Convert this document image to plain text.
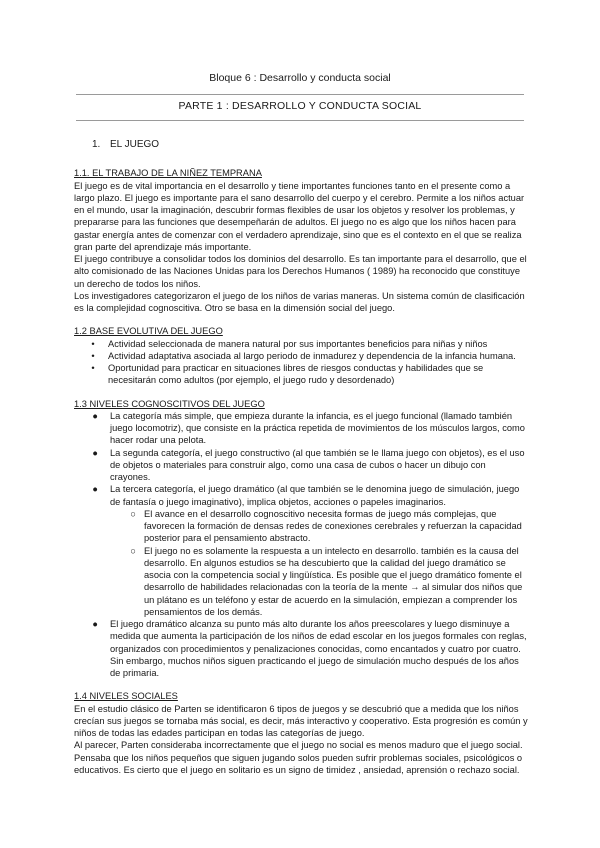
Bloque 6 : Desarrollo y conducta social
PARTE 1 : DESARROLLO Y CONDUCTA SOCIAL
1. EL JUEGO
1.1. EL TRABAJO DE LA NIÑEZ TEMPRANA

El juego es de vital importancia en el desarrollo y tiene importantes funciones tanto en el presente como a largo plazo. El juego es importante para el sano desarrollo del cuerpo y el cerebro. Permite a los niños actuar en el mundo, usar la imaginación, descubrir formas flexibles de usar los objetos y resolver los problemas, y prepararse para las funciones que desempeñarán de adultos. El juego no es algo que los niños hacen para gastar energía antes de comenzar con el verdadero aprendizaje, sino que es el contexto en el que se realiza gran parte del aprendizaje más importante.

El juego contribuye a consolidar todos los dominios del desarrollo. Es tan importante para el desarrollo, que el alto comisionado de las Naciones Unidas para los Derechos Humanos ( 1989) ha reconocido que constituye un derecho de todos los niños.

Los investigadores categorizaron el juego de los niños de varias maneras. Un sistema común de clasificación es la complejidad cognoscitiva. Otro se basa en la dimensión social del juego.

1.2 BASE EVOLUTIVA DEL JUEGO
•	Actividad seleccionada de manera natural por sus importantes beneficios para niñas y niños
•	Actividad adaptativa asociada al largo periodo de inmadurez y dependencia de la infancia humana.
•	Oportunidad para practicar en situaciones libres de riesgos conductas y habilidades que se necesitarán como adultos (por ejemplo, el juego rudo y desordenado)
1.3 NIVELES COGNOSCITIVOS DEL JUEGO
● La categoría más simple, que empieza durante la infancia, es el juego funcional (llamado también juego locomotriz), que consiste en la práctica repetida de movimientos de los músculos largos, como hacer rodar una pelota.
● La segunda categoría, el juego constructivo (al que también se le llama juego con objetos), es el uso de objetos o materiales para construir algo, como una casa de cubos o hacer un dibujo con crayones.
● La tercera categoría, el juego dramático (al que también se le denomina juego de simulación, juego de fantasía o juego imaginativo), implica objetos, acciones o papeles imaginarios.
○ El avance en el desarrollo cognoscitivo necesita formas de juego más complejas, que favorecen la formación de densas redes de conexiones cerebrales y refuerzan la capacidad posterior para el pensamiento abstracto.
○ El juego no es solamente la respuesta a un intelecto en desarrollo. también es la causa del desarrollo. En algunos estudios se ha descubierto que la calidad del juego dramático se asocia con la competencia social y lingüística. Es posible que el juego dramático fomente el desarrollo de habilidades relacionadas con la teoría de la mente → al simular dos niños que un plátano es un teléfono y estar de acuerdo en la simulación, empiezan a comprender los pensamientos de los demás.
● El juego dramático alcanza su punto más alto durante los años preescolares y luego disminuye a medida que aumenta la participación de los niños de edad escolar en los juegos formales con reglas, organizados con procedimientos y penalizaciones conocidas, como encantados y cuatro por cuatro. Sin embargo, muchos niños siguen practicando el juego de simulación mucho después de los años de primaria.
1.4 NIVELES SOCIALES

En el estudio clásico de Parten se identificaron 6 tipos de juegos y se descubrió que a medida que los niños crecían sus juegos se tornaba más social, es decir, más interactivo y cooperativo. Esta progresión es común y niños de todas las edades participan en todas las categorías de juego.

Al parecer, Parten consideraba incorrectamente que el juego no social es menos maduro que el juego social. Pensaba que los niños pequeños que siguen jugando solos pueden sufrir problemas sociales, psicológicos o educativos. Es cierto que el juego en solitario es un signo de timidez , ansiedad, aprensión o rechazo social.
